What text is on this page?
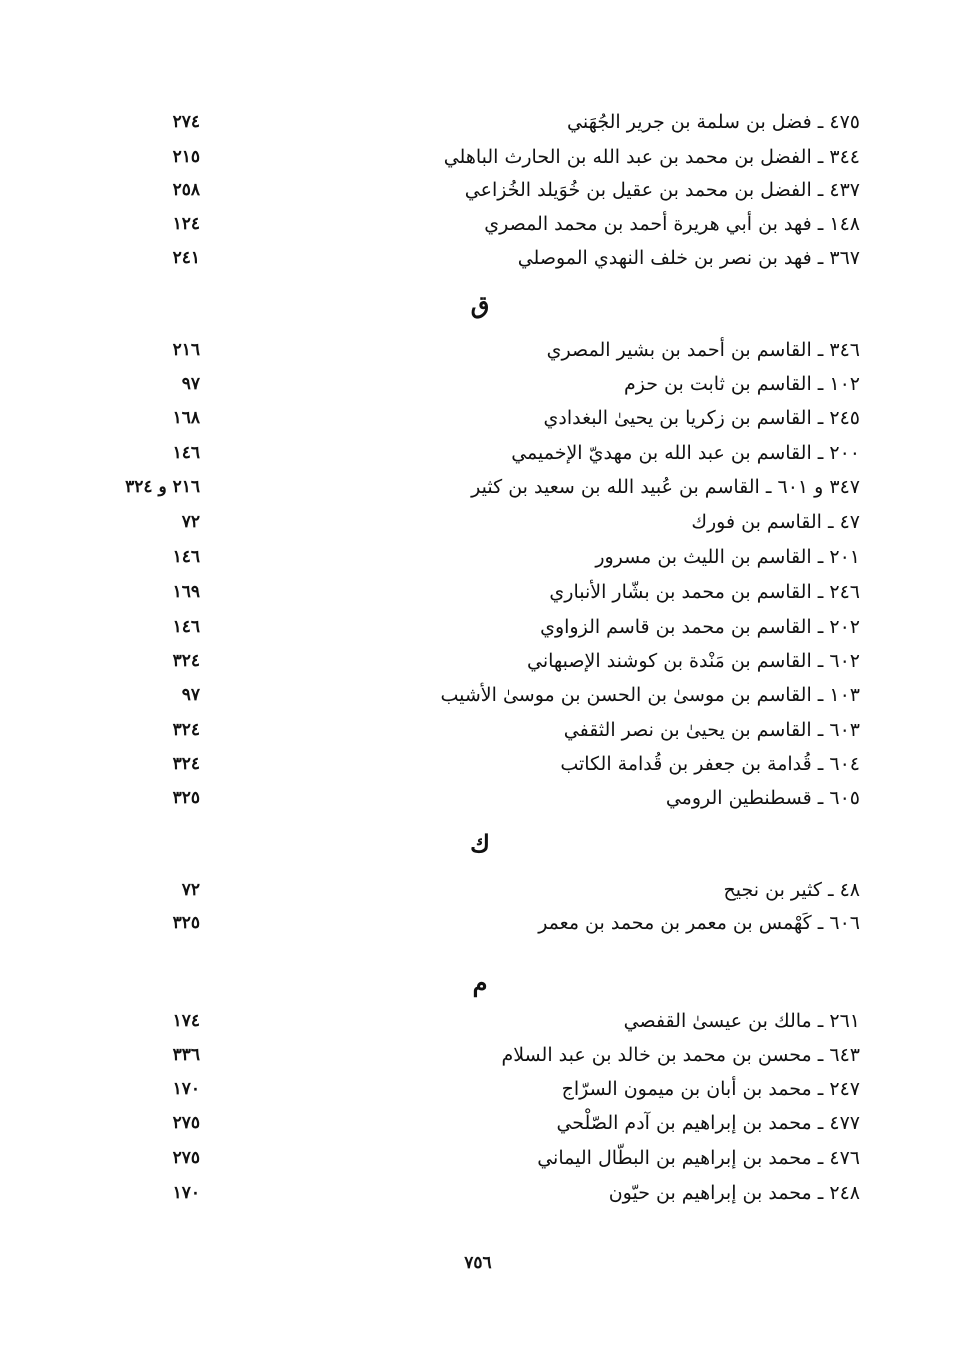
٤٧٥ ـ فضل بن سلمة بن جرير الجُهَني
٢٧٤
٣٤٤ ـ الفضل بن محمد بن عبد الله بن الحارث الباهلي
٢١٥
٤٣٧ ـ الفضل بن محمد بن عقيل بن خُوَيلد الخُزاعي
٢٥٨
١٤٨ ـ فهد بن أبي هريرة أحمد بن محمد المصري
١٢٤
٣٦٧ ـ فهد بن نصر بن خلف النهدي الموصلي
٢٤١
ق
٣٤٦ ـ القاسم بن أحمد بن بشير المصري
٢١٦
١٠٢ ـ القاسم بن ثابت بن حزم
٩٧
٢٤٥ ـ القاسم بن زكريا بن يحيىٰ البغدادي
١٦٨
٢٠٠ ـ القاسم بن عبد الله بن مهديّ الإخميمي
١٤٦
٣٤٧ و ٦٠١ ـ القاسم بن عُبيد الله بن سعيد بن كثير
٢١٦ و ٣٢٤
٤٧ ـ القاسم بن فورك
٧٢
٢٠١ ـ القاسم بن الليث بن مسرور
١٤٦
٢٤٦ ـ القاسم بن محمد بن بشّار الأنباري
١٦٩
٢٠٢ ـ القاسم بن محمد بن قاسم الزواوي
١٤٦
٦٠٢ ـ القاسم بن مَنْدة بن كوشند الإصبهاني
٣٢٤
١٠٣ ـ القاسم بن موسىٰ بن الحسن بن موسىٰ الأشيب
٩٧
٦٠٣ ـ القاسم بن يحيىٰ بن نصر الثقفي
٣٢٤
٦٠٤ ـ قُدامة بن جعفر بن قُدامة الكاتب
٣٢٤
٦٠٥ ـ قسطنطين الرومي
٣٢٥
ك
٤٨ ـ كثير بن نجيح
٧٢
٦٠٦ ـ كَهْمس بن معمر بن محمد بن معمر
٣٢٥
م
٢٦١ ـ مالك بن عيسىٰ القفصي
١٧٤
٦٤٣ ـ محسن بن محمد بن خالد بن عبد السلام
٣٣٦
٢٤٧ ـ محمد بن أبان بن ميمون السرّاج
١٧٠
٤٧٧ ـ محمد بن إبراهيم بن آدم الصّلْحي
٢٧٥
٤٧٦ ـ محمد بن إبراهيم بن البطّال اليماني
٢٧٥
٢٤٨ ـ محمد بن إبراهيم بن حيّون
١٧٠
٧٥٦
